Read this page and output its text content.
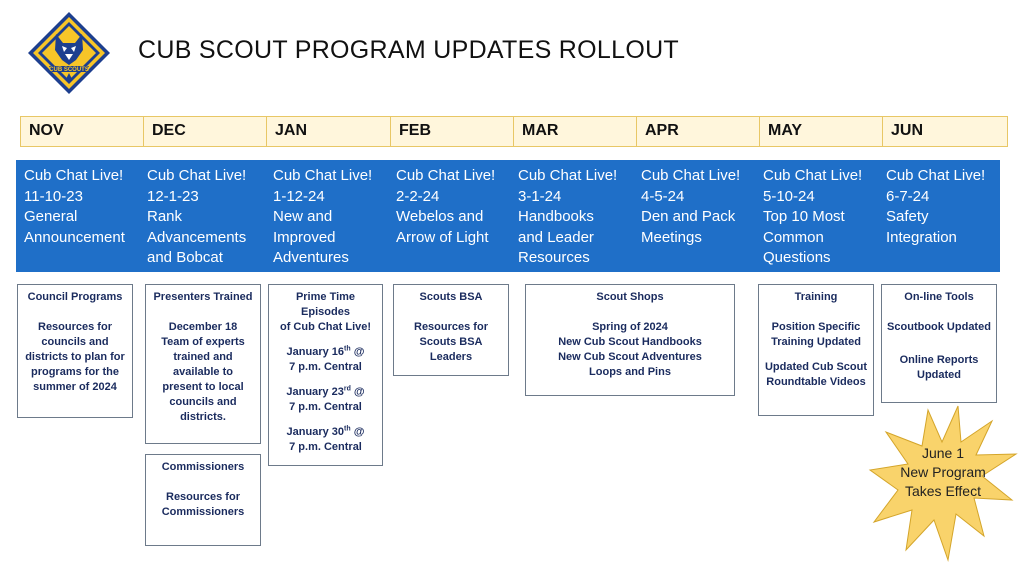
CUB SCOUTS
CUB SCOUT PROGRAM UPDATES ROLLOUT
NOV	DEC	JAN	FEB	MAR	APR	MAY	JUN
Cub Chat Live!
11-10-23
General
Announcement
Cub Chat Live!
12-1-23
Rank
Advancements
and Bobcat
Cub Chat Live!
1-12-24
New and
Improved
Adventures
Cub Chat Live!
2-2-24
Webelos and
Arrow of Light
Cub Chat Live!
3-1-24
Handbooks
and Leader
Resources
Cub Chat Live!
4-5-24
Den and Pack
Meetings
Cub Chat Live!
5-10-24
Top 10 Most
Common
Questions
Cub Chat Live!
6-7-24
Safety
Integration
Council Programs
Resources for
councils and
districts to plan for
programs for the
summer of 2024
Presenters Trained
December 18
Team of experts
trained and
available to
present to local
councils and
districts.
Commissioners
Resources for
Commissioners
Prime Time Episodes
of Cub Chat Live!
January 16th @
7 p.m. Central
January 23rd @
7 p.m. Central
January 30th @
7 p.m. Central
Scouts BSA
Resources for
Scouts BSA Leaders
Scout Shops
Spring of 2024
New Cub Scout Handbooks
New Cub Scout Adventures
Loops and Pins
Training
Position Specific
Training Updated
Updated Cub Scout
Roundtable Videos
On-line Tools
Scoutbook Updated
Online Reports
Updated
June 1
New Program
Takes Effect
